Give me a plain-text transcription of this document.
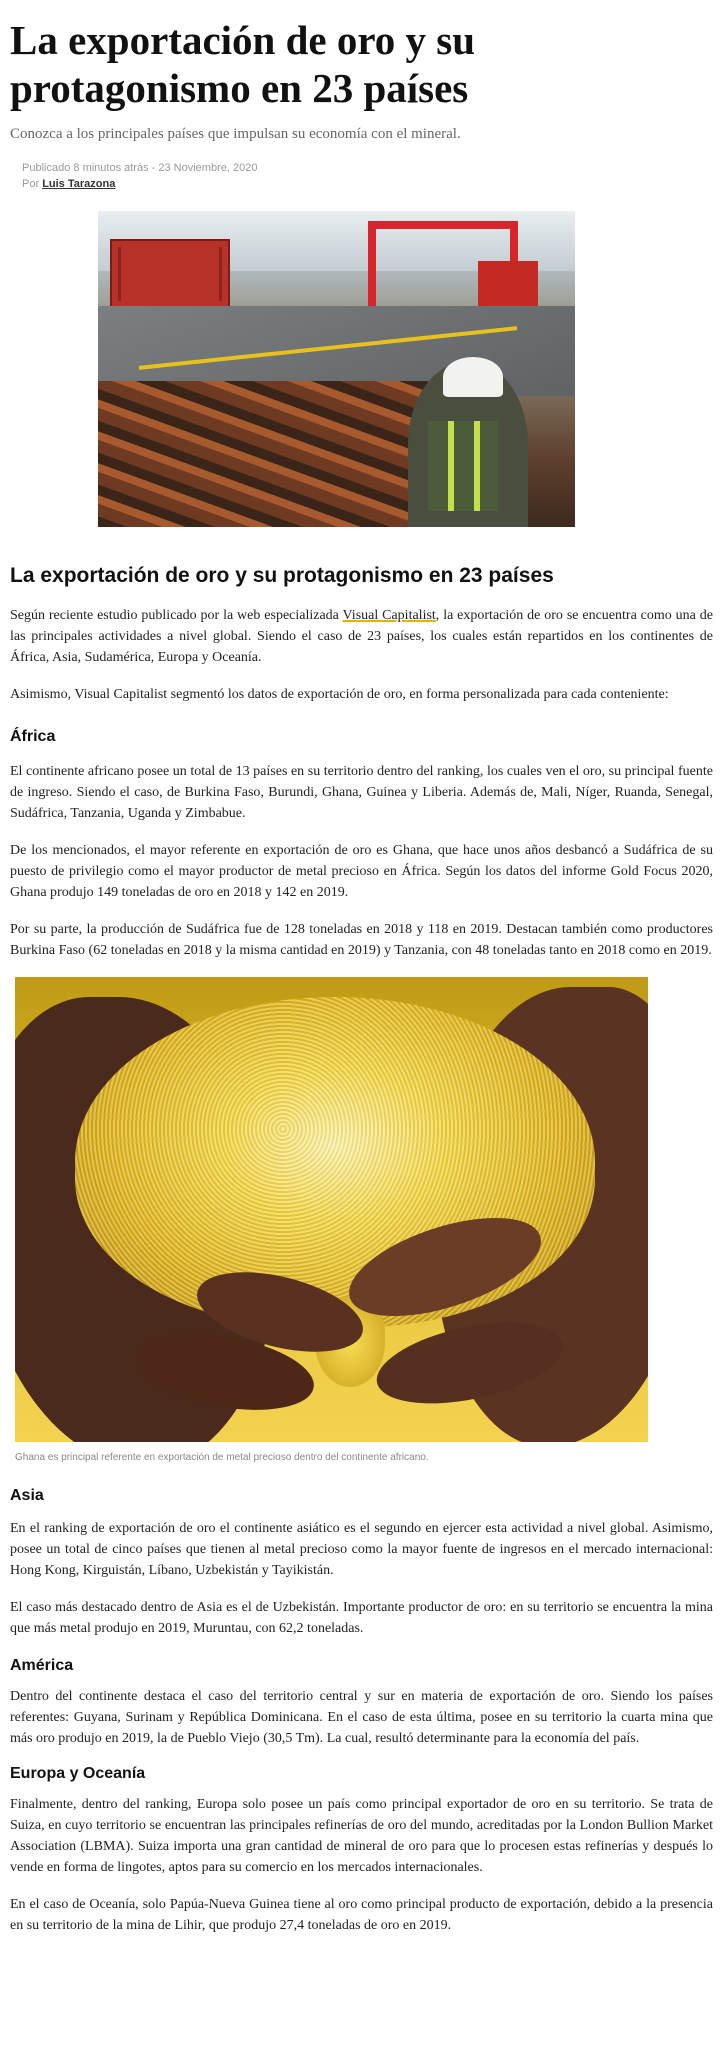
La exportación de oro y su protagonismo en 23 países

Conozca a los principales países que impulsan su economía con el mineral.

Publicado 8 minutos atrás - 23 Noviembre, 2020
Por Luis Tarazona
La exportación de oro y su protagonismo en 23 países

Según reciente estudio publicado por la web especializada Visual Capitalist, la exportación de oro se encuentra como una de las principales actividades a nivel global. Siendo el caso de 23 países, los cuales están repartidos en los continentes de África, Asia, Sudamérica, Europa y Oceanía.

Asimismo, Visual Capitalist segmentó los datos de exportación de oro, en forma personalizada para cada conteniente:

África

El continente africano posee un total de 13 países en su territorio dentro del ranking, los cuales ven el oro, su principal fuente de ingreso. Siendo el caso, de Burkina Faso, Burundi, Ghana, Guinea y Liberia. Además de, Mali, Níger, Ruanda, Senegal, Sudáfrica, Tanzania, Uganda y Zimbabue.

De los mencionados, el mayor referente en exportación de oro es Ghana, que hace unos años desbancó a Sudáfrica de su puesto de privilegio como el mayor productor de metal precioso en África. Según los datos del informe Gold Focus 2020, Ghana produjo 149 toneladas de oro en 2018 y 142 en 2019.

Por su parte, la producción de Sudáfrica fue de 128 toneladas en 2018 y 118 en 2019. Destacan también como productores Burkina Faso (62 toneladas en 2018 y la misma cantidad en 2019) y Tanzania, con 48 toneladas tanto en 2018 como en 2019.

Ghana es principal referente en exportación de metal precioso dentro del continente africano.

Asia

En el ranking de exportación de oro el continente asiático es el segundo en ejercer esta actividad a nivel global. Asimismo, posee un total de cinco países que tienen al metal precioso como la mayor fuente de ingresos en el mercado internacional: Hong Kong, Kirguistán, Líbano, Uzbekistán y Tayikistán.

El caso más destacado dentro de Asia es el de Uzbekistán. Importante productor de oro: en su territorio se encuentra la mina que más metal produjo en 2019, Muruntau, con 62,2 toneladas.

América

Dentro del continente destaca el caso del territorio central y sur en materia de exportación de oro. Siendo los países referentes: Guyana, Surinam y República Dominicana. En el caso de esta última, posee en su territorio la cuarta mina que más oro produjo en 2019, la de Pueblo Viejo (30,5 Tm). La cual, resultó determinante para la economía del país.

Europa y Oceanía

Finalmente, dentro del ranking, Europa solo posee un país como principal exportador de oro en su territorio. Se trata de Suiza, en cuyo territorio se encuentran las principales refinerías de oro del mundo, acreditadas por la London Bullion Market Association (LBMA). Suiza importa una gran cantidad de mineral de oro para que lo procesen estas refinerías y después lo vende en forma de lingotes, aptos para su comercio en los mercados internacionales.

En el caso de Oceanía, solo Papúa-Nueva Guinea tiene al oro como principal producto de exportación, debido a la presencia en su territorio de la mina de Lihir, que produjo 27,4 toneladas de oro en 2019.
